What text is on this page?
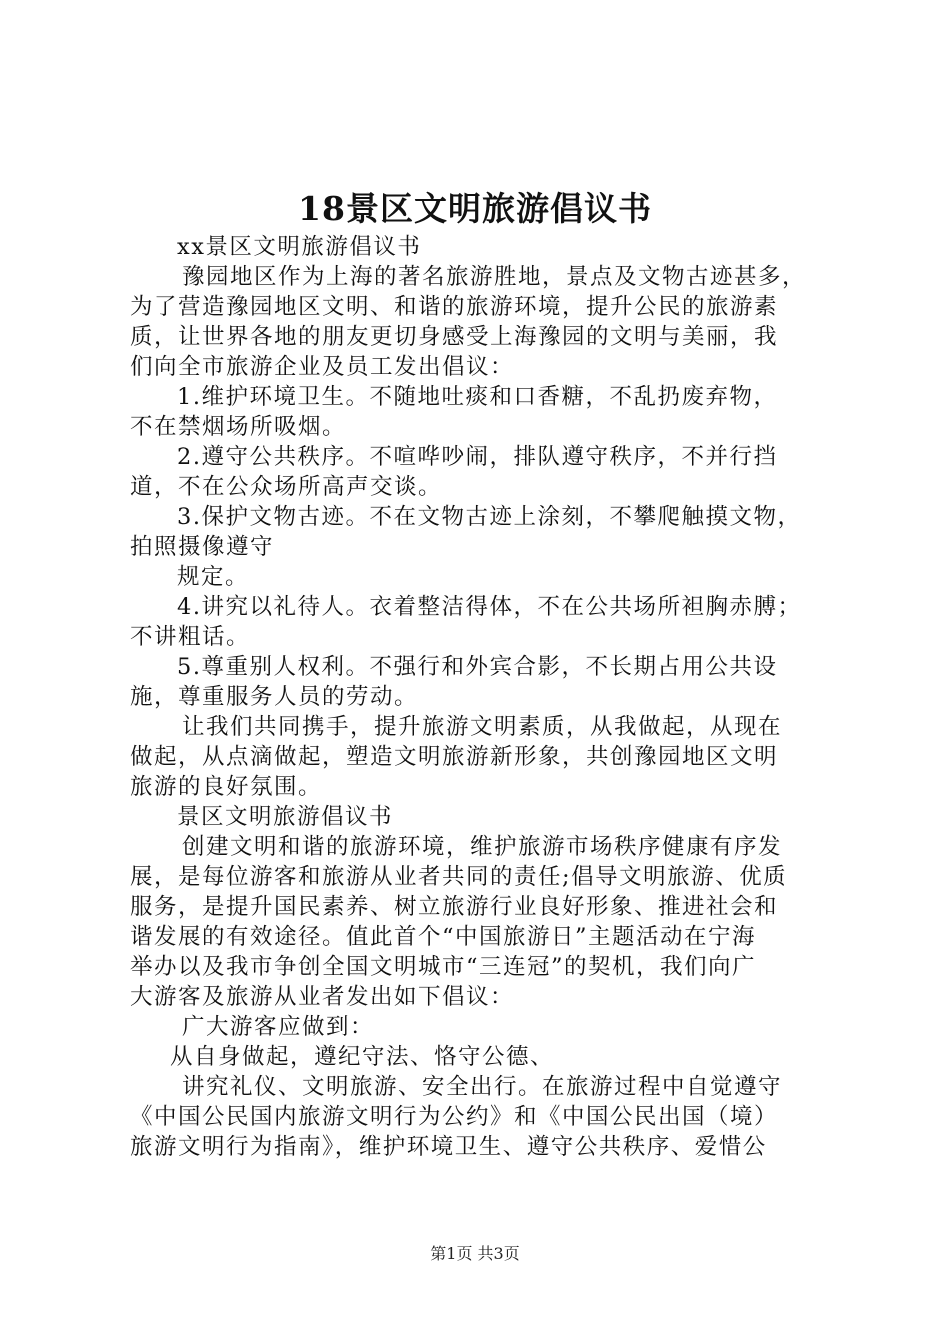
18景区文明旅游倡议书
xx景区文明旅游倡议书
豫园地区作为上海的著名旅游胜地，景点及文物古迹甚多，
为了营造豫园地区文明、和谐的旅游环境，提升公民的旅游素
质，让世界各地的朋友更切身感受上海豫园的文明与美丽，我
们向全市旅游企业及员工发出倡议：
1.维护环境卫生。不随地吐痰和口香糖，不乱扔废弃物，
不在禁烟场所吸烟。
2.遵守公共秩序。不喧哗吵闹，排队遵守秩序，不并行挡
道，不在公众场所高声交谈。
3.保护文物古迹。不在文物古迹上涂刻，不攀爬触摸文物，
拍照摄像遵守
规定。
4.讲究以礼待人。衣着整洁得体，不在公共场所袒胸赤膊；
不讲粗话。
5.尊重别人权利。不强行和外宾合影，不长期占用公共设
施，尊重服务人员的劳动。
让我们共同携手，提升旅游文明素质，从我做起，从现在
做起，从点滴做起，塑造文明旅游新形象，共创豫园地区文明
旅游的良好氛围。
景区文明旅游倡议书
创建文明和谐的旅游环境，维护旅游市场秩序健康有序发
展，是每位游客和旅游从业者共同的责任;倡导文明旅游、优质
服务，是提升国民素养、树立旅游行业良好形象、推进社会和
谐发展的有效途径。值此首个“中国旅游日”主题活动在宁海
举办以及我市争创全国文明城市“三连冠”的契机，我们向广
大游客及旅游从业者发出如下倡议：
广大游客应做到：
从自身做起，遵纪守法、恪守公德、
讲究礼仪、文明旅游、安全出行。在旅游过程中自觉遵守
《中国公民国内旅游文明行为公约》和《中国公民出国（境）
旅游文明行为指南》，维护环境卫生、遵守公共秩序、爱惜公
第1页 共3页
